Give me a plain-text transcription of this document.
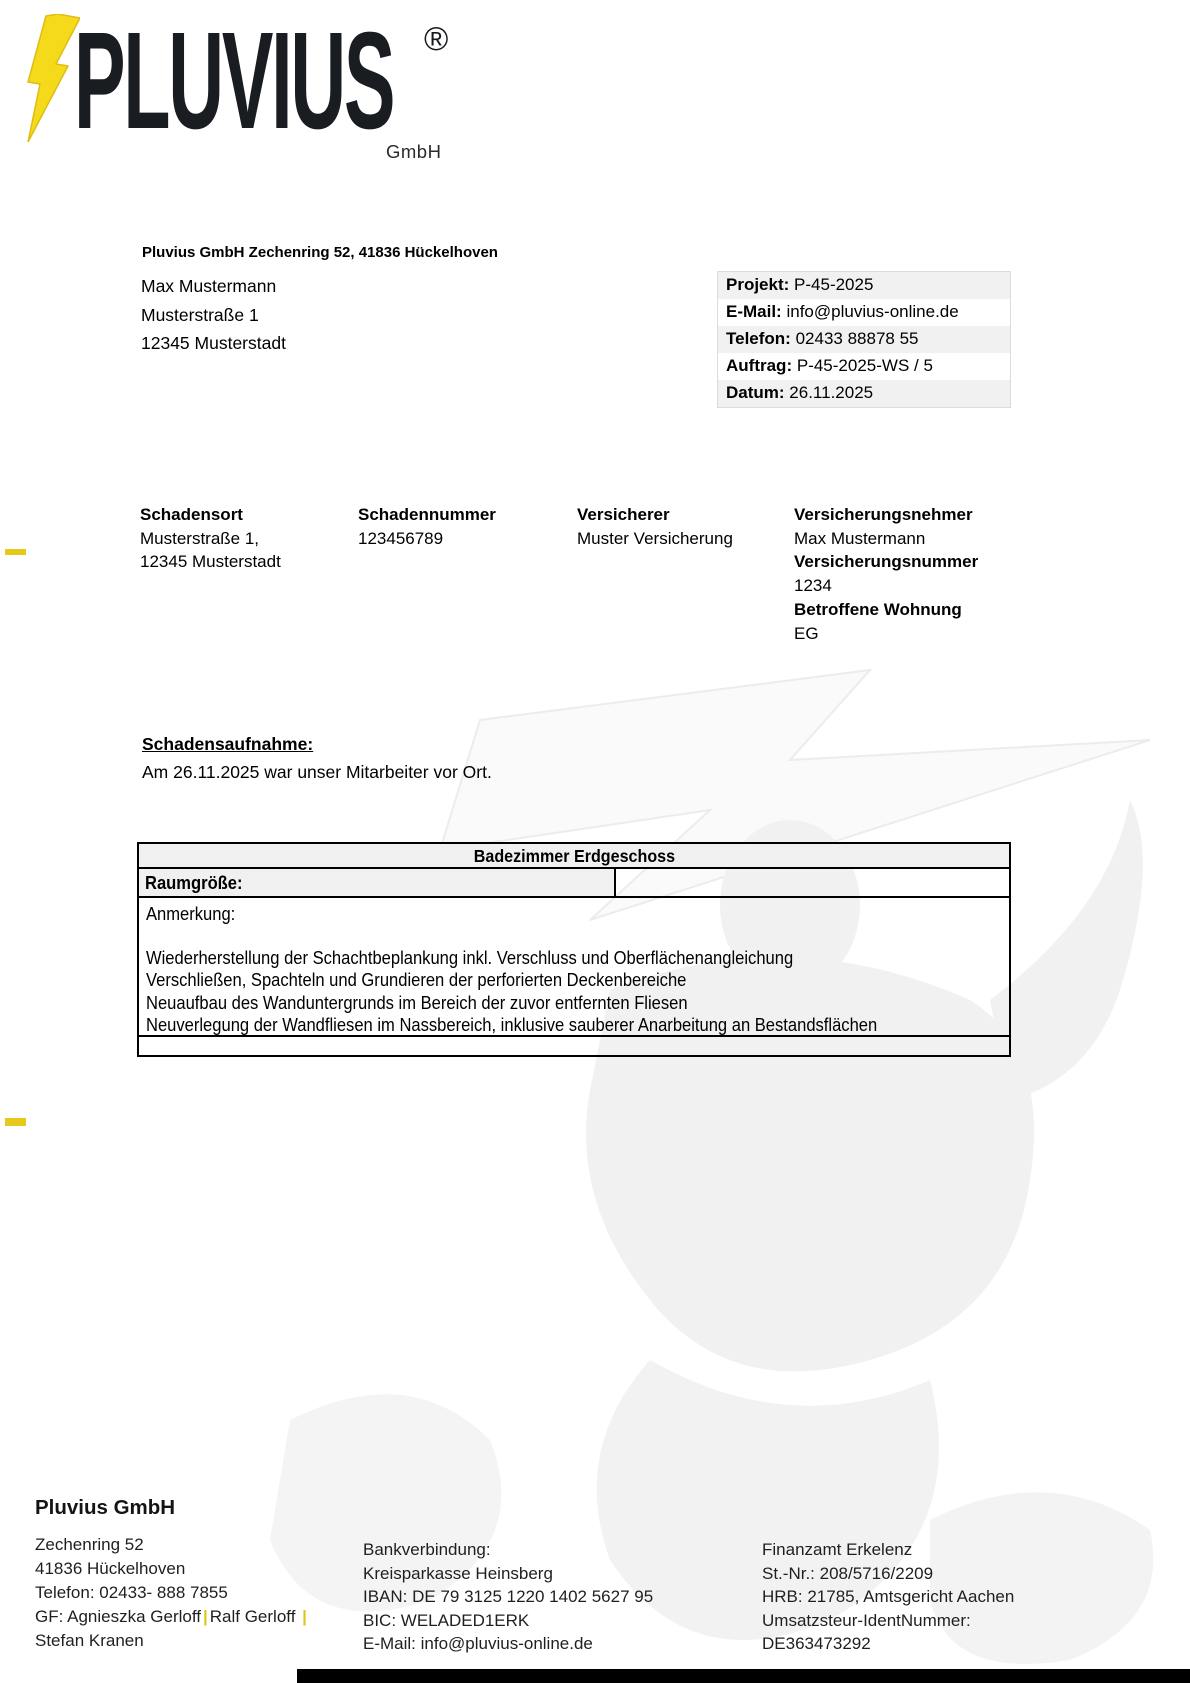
PLUVIUS ®
GmbH
Pluvius GmbH Zechenring 52, 41836 Hückelhoven
Max Mustermann
Musterstraße 1
12345 Musterstadt
Projekt: P-45-2025
E-Mail: info@pluvius-online.de
Telefon: 02433 88878 55
Auftrag: P-45-2025-WS / 5
Datum: 26.11.2025
Schadensort
Musterstraße 1,
12345 Musterstadt
Schadennummer
123456789
Versicherer
Muster Versicherung
Versicherungsnehmer
Max Mustermann
Versicherungsnummer
1234
Betroffene Wohnung
EG
Schadensaufnahme:
Am 26.11.2025 war unser Mitarbeiter vor Ort.
Badezimmer Erdgeschoss
Raumgröße:
Anmerkung:
Wiederherstellung der Schachtbeplankung inkl. Verschluss und Oberflächenangleichung
Verschließen, Spachteln und Grundieren der perforierten Deckenbereiche
Neuaufbau des Wanduntergrunds im Bereich der zuvor entfernten Fliesen
Neuverlegung der Wandfliesen im Nassbereich, inklusive sauberer Anarbeitung an Bestandsflächen
Pluvius GmbH
Zechenring 52
41836 Hückelhoven
Telefon: 02433- 888 7855
GF: Agnieszka Gerloff | Ralf Gerloff |
Stefan Kranen
Bankverbindung:
Kreisparkasse Heinsberg
IBAN: DE 79 3125 1220 1402 5627 95
BIC: WELADED1ERK
E-Mail: info@pluvius-online.de
Finanzamt Erkelenz
St.-Nr.: 208/5716/2209
HRB: 21785, Amtsgericht Aachen
Umsatzsteur-IdentNummer:
DE363473292
